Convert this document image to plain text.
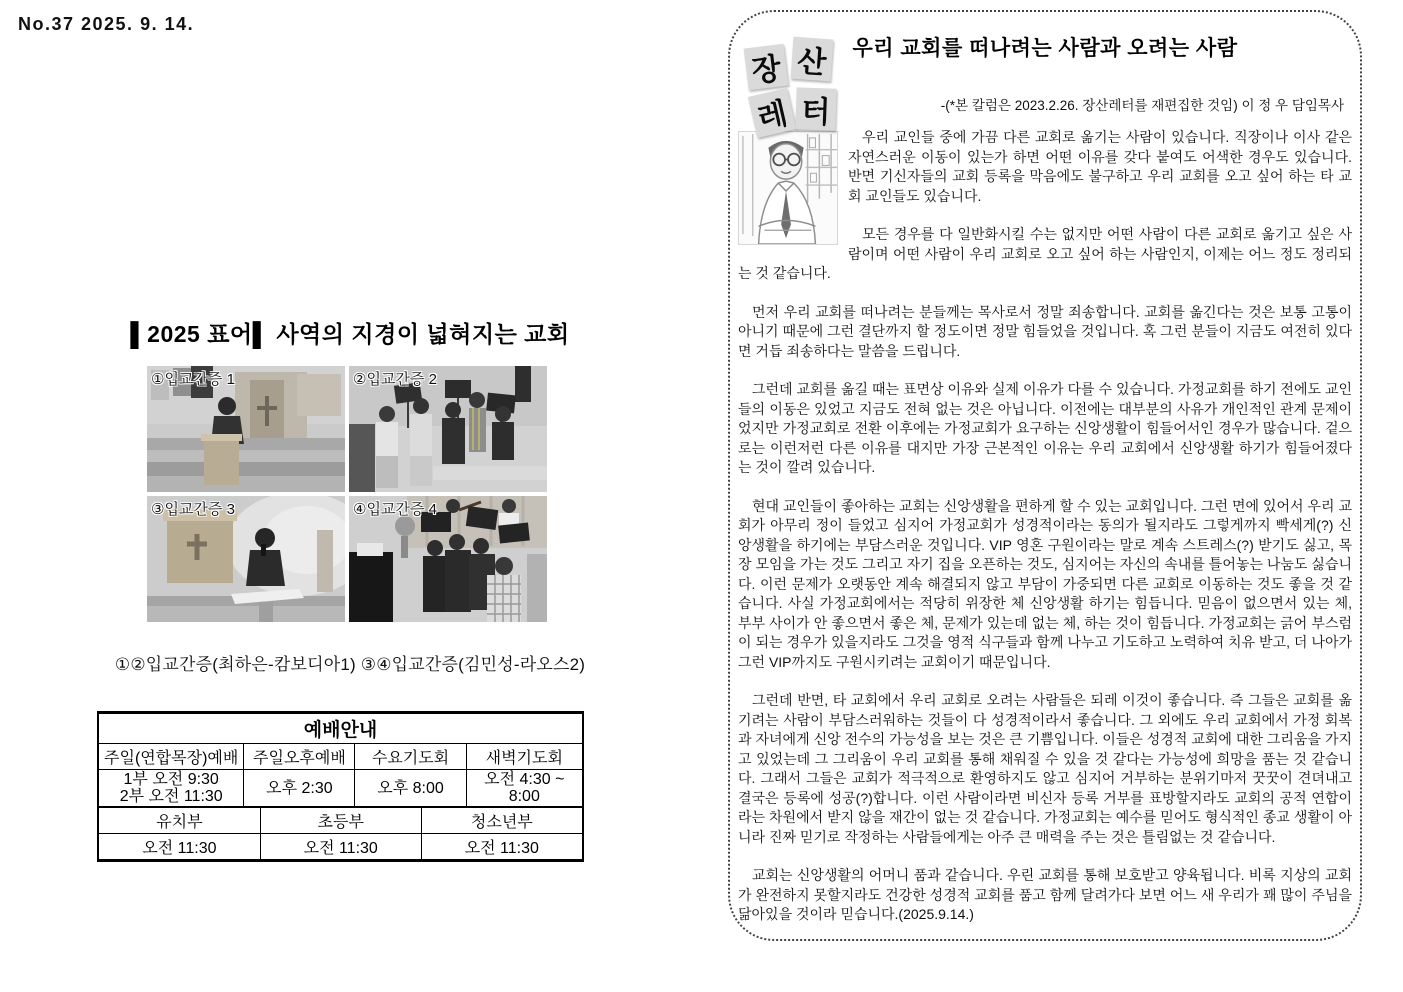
No.37 2025. 9. 14.
▌2025 표어▌ 사역의 지경이 넓혀지는 교회
①입교간증 1	②입교간증 2
③입교간증 3	④입교간증 4
①②입교간증(최하은-캄보디아1) ③④입교간증(김민성-라오스2)
예배안내			
주일(연합목장)예배	주일오후예배	수요기도회	새벽기도회

1부 오전 9:30
2부 오전 11:30	오후 2:30	오후 8:00	오전 4:30 ~ 8:00
유치부	초등부	청소년부
오전 11:30	오전 11:30	오전 11:30
장 산
레 터
우리 교회를 떠나려는 사람과 오려는 사람
-(*본 칼럼은 2023.2.26. 장산레터를 재편집한 것임) 이 정 우 담임목사

우리 교인들 중에 가끔 다른 교회로 옮기는 사람이 있습니다. 직장이나 이사 같은 자연스러운 이동이 있는가 하면 어떤 이유를 갖다 붙여도 어색한 경우도 있습니다. 반면 기신자들의 교회 등록을 막음에도 불구하고 우리 교회를 오고 싶어 하는 타 교회 교인들도 있습니다.

모든 경우를 다 일반화시킬 수는 없지만 어떤 사람이 다른 교회로 옮기고 싶은 사람이며 어떤 사람이 우리 교회로 오고 싶어 하는 사람인지, 이제는 어느 정도 정리되는 것 같습니다.

먼저 우리 교회를 떠나려는 분들께는 목사로서 정말 죄송합니다. 교회를 옮긴다는 것은 보통 고통이 아니기 때문에 그런 결단까지 할 정도이면 정말 힘들었을 것입니다. 혹 그런 분들이 지금도 여전히 있다면 거듭 죄송하다는 말씀을 드립니다.

그런데 교회를 옮길 때는 표면상 이유와 실제 이유가 다를 수 있습니다. 가정교회를 하기 전에도 교인들의 이동은 있었고 지금도 전혀 없는 것은 아닙니다. 이전에는 대부분의 사유가 개인적인 관계 문제이었지만 가정교회로 전환 이후에는 가정교회가 요구하는 신앙생활이 힘들어서인 경우가 많습니다. 겉으로는 이런저런 다른 이유를 대지만 가장 근본적인 이유는 우리 교회에서 신앙생활 하기가 힘들어졌다는 것이 깔려 있습니다.

현대 교인들이 좋아하는 교회는 신앙생활을 편하게 할 수 있는 교회입니다. 그런 면에 있어서 우리 교회가 아무리 정이 들었고 심지어 가정교회가 성경적이라는 동의가 될지라도 그렇게까지 빡세게(?) 신앙생활을 하기에는 부담스러운 것입니다. VIP 영혼 구원이라는 말로 계속 스트레스(?) 받기도 싫고, 목장 모임을 가는 것도 그리고 자기 집을 오픈하는 것도, 심지어는 자신의 속내를 틀어놓는 나눔도 싫습니다. 이런 문제가 오랫동안 계속 해결되지 않고 부담이 가중되면 다른 교회로 이동하는 것도 좋을 것 같습니다. 사실 가정교회에서는 적당히 위장한 체 신앙생활 하기는 힘듭니다. 믿음이 없으면서 있는 체, 부부 사이가 안 좋으면서 좋은 체, 문제가 있는데 없는 체, 하는 것이 힘듭니다. 가정교회는 긁어 부스럼이 되는 경우가 있을지라도 그것을 영적 식구들과 함께 나누고 기도하고 노력하여 치유 받고, 더 나아가 그런 VIP까지도 구원시키려는 교회이기 때문입니다.

그런데 반면, 타 교회에서 우리 교회로 오려는 사람들은 되레 이것이 좋습니다. 즉 그들은 교회를 옮기려는 사람이 부담스러워하는 것들이 다 성경적이라서 좋습니다. 그 외에도 우리 교회에서 가정 회복과 자녀에게 신앙 전수의 가능성을 보는 것은 큰 기쁨입니다. 이들은 성경적 교회에 대한 그리움을 가지고 있었는데 그 그리움이 우리 교회를 통해 채워질 수 있을 것 같다는 가능성에 희망을 품는 것 같습니다. 그래서 그들은 교회가 적극적으로 환영하지도 않고 심지어 거부하는 분위기마저 꿋꿋이 견뎌내고 결국은 등록에 성공(?)합니다. 이런 사람이라면 비신자 등록 거부를 표방할지라도 교회의 공적 연합이라는 차원에서 받지 않을 재간이 없는 것 같습니다. 가정교회는 예수를 믿어도 형식적인 종교 생활이 아니라 진짜 믿기로 작정하는 사람들에게는 아주 큰 매력을 주는 것은 틀림없는 것 같습니다.

교회는 신앙생활의 어머니 품과 같습니다. 우린 교회를 통해 보호받고 양육됩니다. 비록 지상의 교회가 완전하지 못할지라도 건강한 성경적 교회를 품고 함께 달려가다 보면 어느 새 우리가 꽤 많이 주님을 닮아있을 것이라 믿습니다.(2025.9.14.)
